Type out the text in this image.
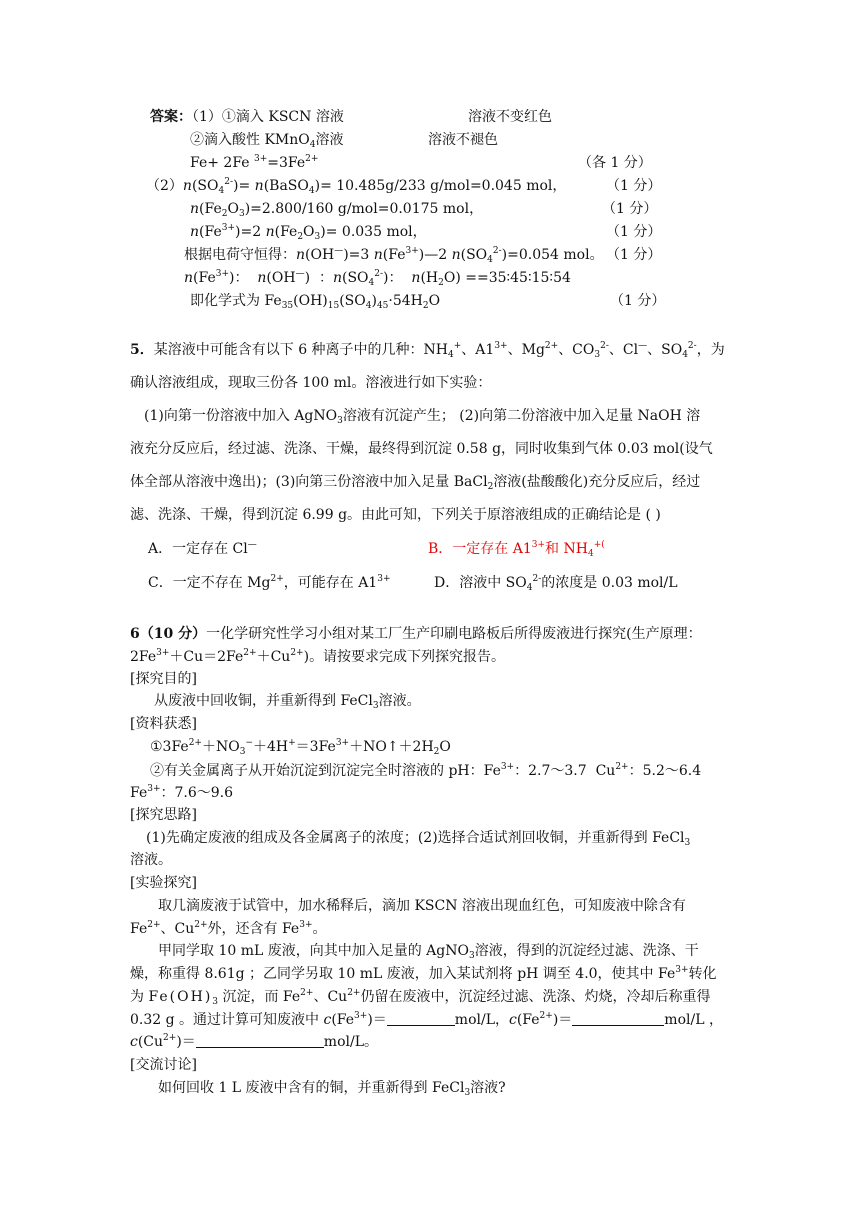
答案：（1）①滴入 KSCN 溶液	溶液不变红色
②滴入酸性 KMnO$_4$溶液	溶液不褪色
Fe+ 2Fe $^{3+}=3Fe^{2+}$	（各 1 分）
$(2)n(SO_4^{2-})=$ n(BaSO$_4$)= 10.485g/233 g/mol=0.045 mol，	（1 分）
$n(Fe_2O_3)=2.800/160$ g/mol=0.0175 mol，	（1 分）
$n(Fe^{3+})=2$ $n(Fe_2O_3)= 0.035$ mol，	（1 分）
根据电荷守恒得：n(OH—)=3 $n(Fe^{3+})—2$ $n(SO_4^{2-})=0.054$ mol。 （1 分）
$n(Fe^{3+})$：  n(OH—)  ：$n(SO_4^{2-})$：  $n(H_2O)$ ==35∶45∶15∶54
即化学式为 $Fe_{35}(OH)_{15}(SO_4)_{45}\cdot 54H_2O$	（1 分）
5．某溶液中可能含有以下 6 种离子中的几种：$NH_4^+$、$A1^{3+}$、$Mg^{2+}$、$CO_3^{2-}$、Cl—、$SO_4^{2-}$，为
确认溶液组成，现取三份各 100 ml。溶液进行如下实验：
(1)向第一份溶液中加入 AgNO$_3$溶液有沉淀产生； (2)向第二份溶液中加入足量 NaOH 溶
液充分反应后，经过滤、洗涤、干燥，最终得到沉淀 0.58 g，同时收集到气体 0.03 mol(设气
体全部从溶液中逸出)；(3)向第三份溶液中加入足量 BaCl$_2$溶液(盐酸酸化)充分反应后，经过
滤、洗涤、干燥，得到沉淀 6.99 g。由此可知，下列关于原溶液组成的正确结论是 ( )
A．一定存在 Cl—	B．一定存在 $A1^{3+}$和 $NH_4^{+(}$
C．一定不存在 $Mg^{2+}$，可能存在 $A1^{3+}$	D．溶液中 $SO_4^{2-}$的浓度是 0.03 mol/L
6（10 分）一化学研究性学习小组对某工厂生产印刷电路板后所得废液进行探究(生产原理：
$2Fe^{3+}+Cu=2Fe^{2+}+Cu^{2+}$)。请按要求完成下列探究报告。
[探究目的]
从废液中回收铜，并重新得到 FeCl$_3$溶液。
[资料获悉]
$①3Fe^{2+}+NO_3^-+4H^+=3Fe^{3+}+NO↑+2H_2O$
②有关金属离子从开始沉淀到沉淀完全时溶液的 pH：$Fe^{3+}$：2.7～3.7  $Cu^{2+}$：5.2～6.4
$Fe^{3+}$：7.6～9.6
[探究思路]
(1)先确定废液的组成及各金属离子的浓度；(2)选择合适试剂回收铜，并重新得到 FeCl$_3$
溶液。
[实验探究]
取几滴废液于试管中，加水稀释后，滴加 KSCN 溶液出现血红色，可知废液中除含有
$Fe^{2+}$、$Cu^{2+}$外，还含有 $Fe^{3+}$。
甲同学取 10 mL 废液，向其中加入足量的 AgNO$_3$溶液，得到的沉淀经过滤、洗涤、干
燥，称重得 8.61g ；乙同学另取 10 mL 废液，加入某试剂将 pH 调至 4.0，使其中 $Fe^{3+}$转化
为 $Fe(OH)_3$ 沉淀，而 $Fe^{2+}$、$Cu^{2+}$仍留在废液中，沉淀经过滤、洗涤、灼烧，冷却后称重得
0.32 g 。通过计算可知废液中 $c(Fe^{3+})=$	mol/L，$c(Fe^{2+})=$	mol/L ，
$c(Cu^{2+})=$	mol/L。
[交流讨论]
如何回收 1 L 废液中含有的铜，并重新得到 FeCl$_3$溶液?
